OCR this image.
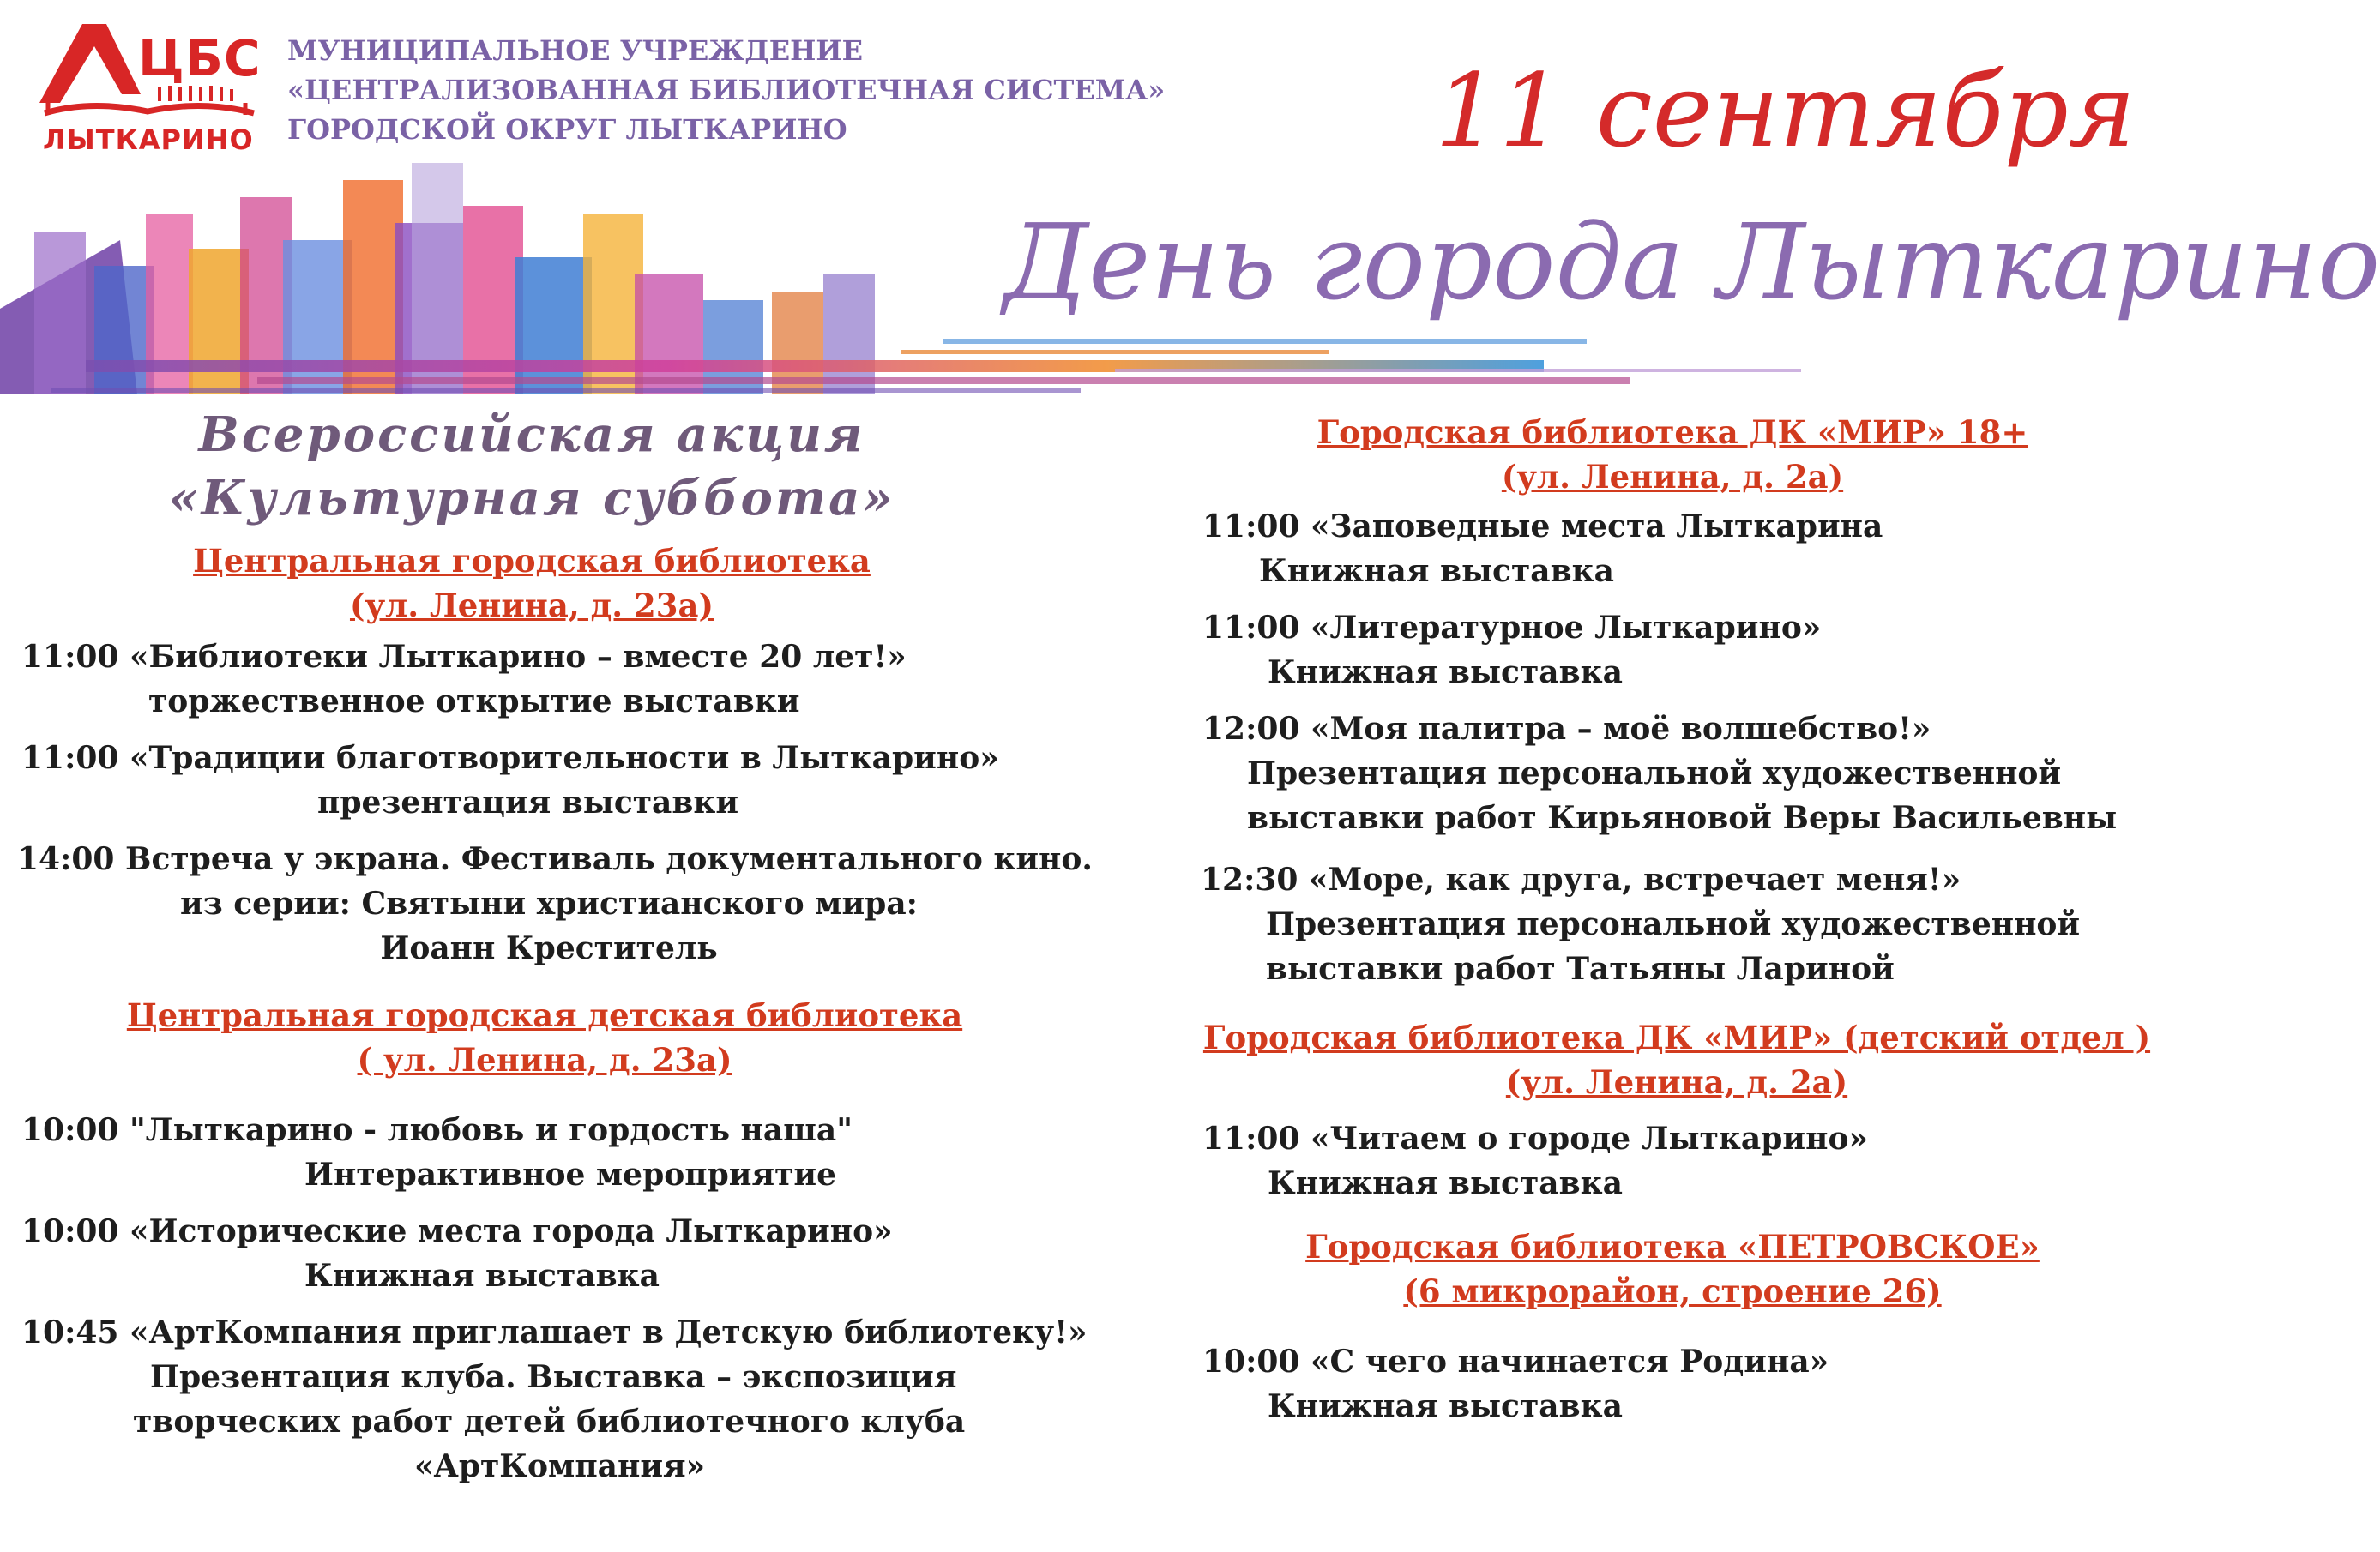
ЦБС
ЛЫТКАРИНО
МУНИЦИПАЛЬНОЕ УЧРЕЖДЕНИЕ
«ЦЕНТРАЛИЗОВАННАЯ БИБЛИОТЕЧНАЯ СИСТЕМА»
ГОРОДСКОЙ ОКРУГ ЛЫТКАРИНО	11 сентября
День города Лыткарино
Всероссийская акция
«Культурная суббота»
Центральная городская библиотека
(ул. Ленина, д. 23а)
11:00 «Библиотеки Лыткарино – вместе 20 лет!»
торжественное открытие выставки
11:00 «Традиции благотворительности в Лыткарино»
презентация выставки
14:00 Встреча у экрана. Фестиваль документального кино.
из серии: Святыни христианского мира:
Иоанн Креститель
Центральная городская детская библиотека
( ул. Ленина, д. 23а)
10:00 "Лыткарино - любовь и гордость наша"
Интерактивное мероприятие
10:00 «Исторические места города Лыткарино»
Книжная выставка
10:45 «АртКомпания приглашает в Детскую библиотеку!»
Презентация клуба. Выставка – экспозиция
творческих работ детей библиотечного клуба
«АртКомпания»
Городская библиотека ДК «МИР» 18+
(ул. Ленина, д. 2а)
11:00 «Заповедные места Лыткарина
Книжная выставка
11:00 «Литературное Лыткарино»
Книжная выставка
12:00 «Моя палитра – моё волшебство!»
Презентация персональной художественной
выставки работ Кирьяновой Веры Васильевны
12:30 «Море, как друга, встречает меня!»
Презентация персональной художественной
выставки работ Татьяны Лариной
Городская библиотека ДК «МИР» (детский отдел )
(ул. Ленина, д. 2а)
11:00 «Читаем о городе Лыткарино»
Книжная выставка
Городская библиотека «ПЕТРОВСКОЕ»
(6 микрорайон, строение 26)
10:00 «С чего начинается Родина»
Книжная выставка
